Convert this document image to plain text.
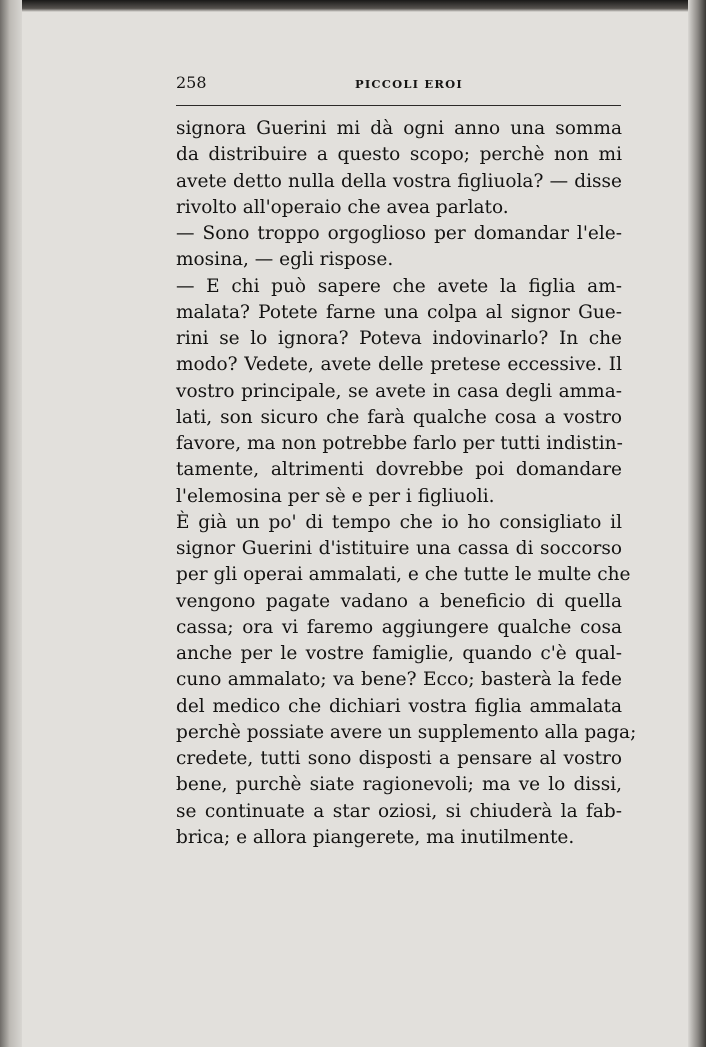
258	PICCOLI EROI
signora Guerini mi dà ogni anno una somma
da distribuire a questo scopo; perchè non mi
avete detto nulla della vostra figliuola? — disse
rivolto all'operaio che avea parlato.
— Sono troppo orgoglioso per domandar l'ele-
mosina, — egli rispose.
— E chi può sapere che avete la figlia am-
malata? Potete farne una colpa al signor Gue-
rini se lo ignora? Poteva indovinarlo? In che
modo? Vedete, avete delle pretese eccessive. Il
vostro principale, se avete in casa degli amma-
lati, son sicuro che farà qualche cosa a vostro
favore, ma non potrebbe farlo per tutti indistin-
tamente, altrimenti dovrebbe poi domandare
l'elemosina per sè e per i figliuoli.
È già un po' di tempo che io ho consigliato il
signor Guerini d'istituire una cassa di soccorso
per gli operai ammalati, e che tutte le multe che
vengono pagate vadano a beneficio di quella
cassa; ora vi faremo aggiungere qualche cosa
anche per le vostre famiglie, quando c'è qual-
cuno ammalato; va bene? Ecco; basterà la fede
del medico che dichiari vostra figlia ammalata
perchè possiate avere un supplemento alla paga;
credete, tutti sono disposti a pensare al vostro
bene, purchè siate ragionevoli; ma ve lo dissi,
se continuate a star oziosi, si chiuderà la fab-
brica; e allora piangerete, ma inutilmente.
